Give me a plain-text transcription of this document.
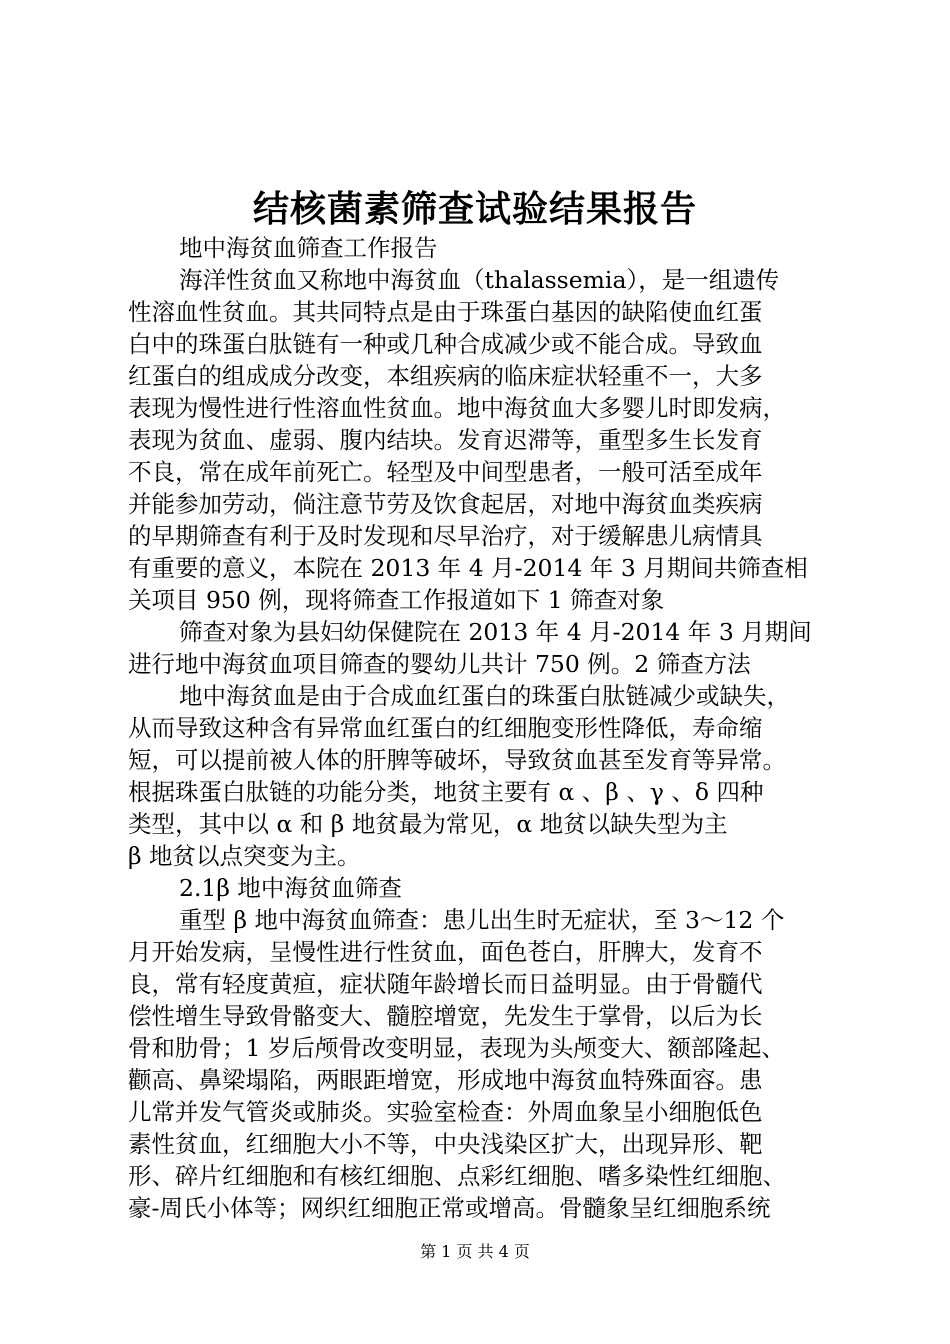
结核菌素筛查试验结果报告
地中海贫血筛查工作报告
海洋性贫血又称地中海贫血（thalassemia），是一组遗传
性溶血性贫血。其共同特点是由于珠蛋白基因的缺陷使血红蛋
白中的珠蛋白肽链有一种或几种合成减少或不能合成。导致血
红蛋白的组成成分改变，本组疾病的临床症状轻重不一，大多
表现为慢性进行性溶血性贫血。地中海贫血大多婴儿时即发病，
表现为贫血、虚弱、腹内结块。发育迟滞等，重型多生长发育
不良，常在成年前死亡。轻型及中间型患者，一般可活至成年
并能参加劳动，倘注意节劳及饮食起居，对地中海贫血类疾病
的早期筛查有利于及时发现和尽早治疗，对于缓解患儿病情具
有重要的意义，本院在 2013 年 4 月-2014 年 3 月期间共筛查相
关项目 950 例，现将筛查工作报道如下 1 筛查对象
筛查对象为县妇幼保健院在 2013 年 4 月-2014 年 3 月期间
进行地中海贫血项目筛查的婴幼儿共计 750 例。2 筛查方法
地中海贫血是由于合成血红蛋白的珠蛋白肽链减少或缺失，
从而导致这种含有异常血红蛋白的红细胞变形性降低，寿命缩
短，可以提前被人体的肝脾等破坏，导致贫血甚至发育等异常。
根据珠蛋白肽链的功能分类，地贫主要有 α 、β 、γ 、δ 四种
类型，其中以 α 和 β 地贫最为常见，α 地贫以缺失型为主
β 地贫以点突变为主。
2.1β 地中海贫血筛查
重型 β 地中海贫血筛查：患儿出生时无症状，至 3～12 个
月开始发病，呈慢性进行性贫血，面色苍白，肝脾大，发育不
良，常有轻度黄疸，症状随年龄增长而日益明显。由于骨髓代
偿性增生导致骨骼变大、髓腔增宽，先发生于掌骨，以后为长
骨和肋骨；1 岁后颅骨改变明显，表现为头颅变大、额部隆起、
颧高、鼻梁塌陷，两眼距增宽，形成地中海贫血特殊面容。患
儿常并发气管炎或肺炎。实验室检查：外周血象呈小细胞低色
素性贫血，红细胞大小不等，中央浅染区扩大，出现异形、靶
形、碎片红细胞和有核红细胞、点彩红细胞、嗜多染性红细胞、
豪-周氏小体等；网织红细胞正常或增高。骨髓象呈红细胞系统
第 1 页 共 4 页
